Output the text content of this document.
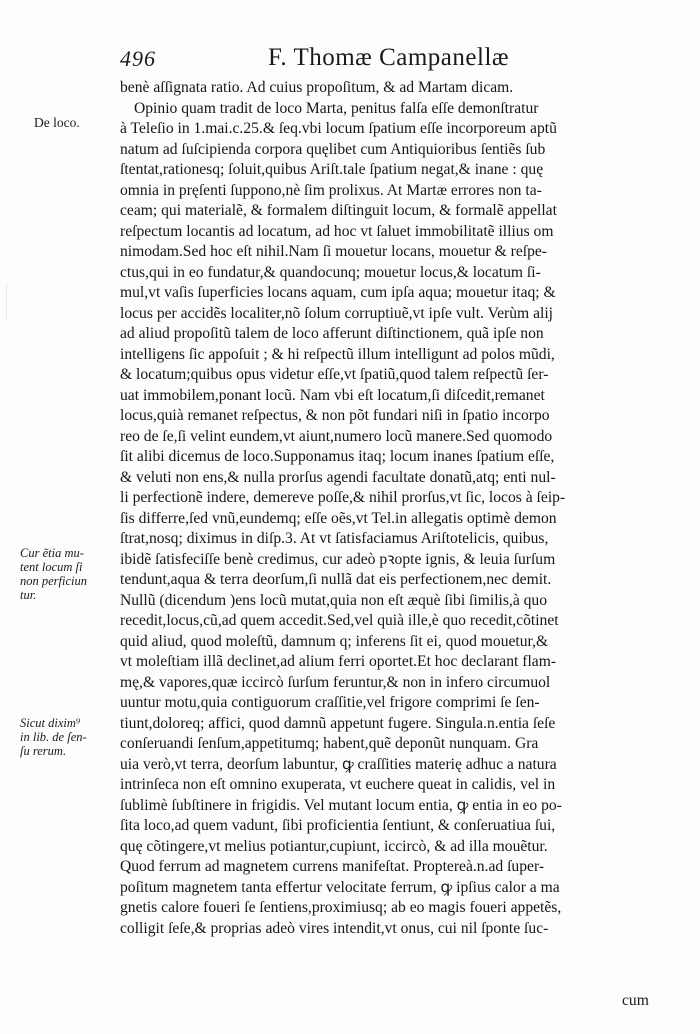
496	F. Thomæ Campanellæ
De loco.
Cur ẽtia mu-
tent locum ſi
non perficiun
tur.
Sicut dixim⁹
in lib. de ſen-
ſu rerum.
benè aſſignata ratio. Ad cuius propoſitum, & ad Martam dicam.
Opinio quam tradit de loco Marta, penitus falſa eſſe demonſtratur
à Teleſio in 1.mai.c.25.& ſeq.vbi locum ſpatium eſſe incorporeum aptũ
natum ad ſuſcipienda corpora quęlibet cum Antiquioribus ſentiẽs ſub
ſtentat,rationesq; ſoluit,quibus Ariſt.tale ſpatium negat,& inane : quę
omnia in pręſenti ſuppono,nè ſim prolixus. At Martæ errores non ta-
ceam; qui materialẽ, & formalem diſtinguit locum, & formalẽ appellat
reſpectum locantis ad locatum, ad hoc vt ſaluet immobilitatẽ illius om
nimodam.Sed hoc eſt nihil.Nam ſi mouetur locans, mouetur & reſpe-
ctus,qui in eo fundatur,& quandocunq; mouetur locus,& locatum ſi-
mul,vt vaſis ſuperficies locans aquam, cum ipſa aqua; mouetur itaq; &
locus per accidẽs localiter,nõ ſolum corruptiuẽ,vt ipſe vult. Verùm alij
ad aliud propoſitũ talem de loco afferunt diſtinctionem, quã ipſe non
intelligens ſic appoſuit ; & hi reſpectũ illum intelligunt ad polos mũdi,
& locatum;quibus opus videtur eſſe,vt ſpatiũ,quod talem reſpectũ ſer-
uat immobilem,ponant locũ. Nam vbi eſt locatum,ſi diſcedit,remanet
locus,quià remanet reſpectus, & non põt fundari niſi in ſpatio incorpo
reo de ſe,ſi velint eundem,vt aiunt,numero locũ manere.Sed quomodo
ſit alibi dicemus de loco.Supponamus itaq; locum inanes ſpatium eſſe,
& veluti non ens,& nulla prorſus agendi facultate donatũ,atq; enti nul-
li perfectionẽ indere, demereve poſſe,& nihil prorſus,vt ſic, locos à ſeip-
ſis differre,ſed vnũ,eundemq; eſſe oẽs,vt Tel.in allegatis optimè demon
ſtrat,nosq; diximus in diſp.3. At vt ſatisfaciamus Ariſtotelicis, quibus,
ibidẽ ſatisfeciſſe benè credimus, cur adeò pꝛopte ignis, & leuia ſurſum
tendunt,aqua & terra deorſum,ſi nullã dat eis perfectionem,nec demit.
Nullũ (dicendum )ens locũ mutat,quia non eſt æquè ſibi ſimilis,à quo
recedit,locus,cũ,ad quem accedit.Sed,vel quià ille,è quo recedit,cõtinet
quid aliud, quod moleſtũ, damnum q; inferens ſit ei, quod mouetur,&
vt moleſtiam illã declinet,ad alium ferri oportet.Et hoc declarant flam-
mę,& vapores,quæ iccircò ſurſum feruntur,& non in infero circumuol
uuntur motu,quia contiguorum craſſitie,vel frigore comprimi ſe ſen-
tiunt,doloreq; affici, quod damnũ appetunt fugere. Singula.n.entia ſeſe
conſeruandi ſenſum,appetitumq; habent,quẽ deponũt nunquam. Gra
uia verò,vt terra, deorſum labuntur, ꝙ craſſities materię adhuc a natura
intrinſeca non eſt omnino exuperata, vt euchere queat in calidis, vel in
ſublimè ſubſtinere in frigidis. Vel mutant locum entia, ꝙ entia in eo po-
ſita loco,ad quem vadunt, ſibi proficientia ſentiunt, & conſeruatiua ſui,
quę cõtingere,vt melius potiantur,cupiunt, iccircò, & ad illa mouẽtur.
Quod ferrum ad magnetem currens manifeſtat. Proptereà.n.ad ſuper-
poſitum magnetem tanta effertur velocitate ferrum, ꝙ ipſius calor a ma
gnetis calore foueri ſe ſentiens,proximiusq; ab eo magis foueri appetẽs,
colligit ſeſe,& proprias adeò vires intendit,vt onus, cui nil ſponte ſuc-
cum
